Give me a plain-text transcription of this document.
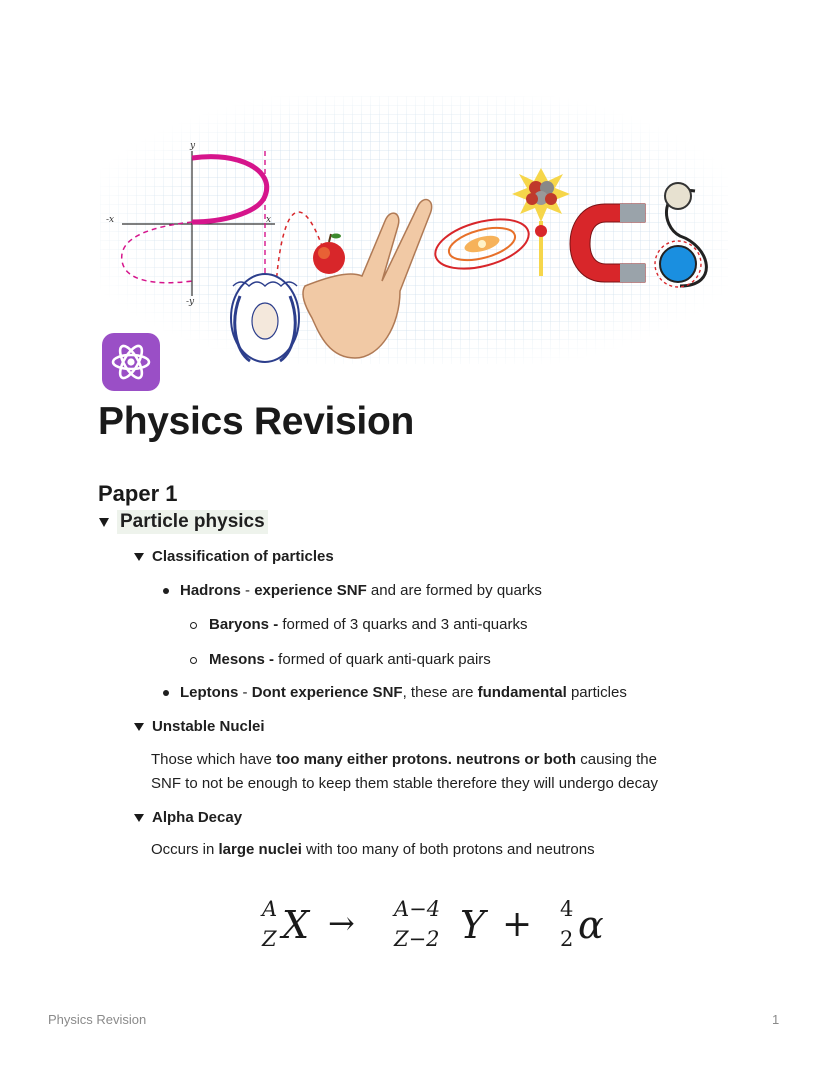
y
-y
-x	x
Physics Revision
Paper 1
Particle physics
Classification of particles
Hadrons - experience SNF and are formed by quarks
Baryons - formed of 3 quarks and 3 anti-quarks
Mesons - formed of quark anti-quark pairs
Leptons - Dont experience SNF, these are fundamental particles
Unstable Nuclei
Those which have too many either protons. neutrons or both causing the
SNF to not be enough to keep them stable therefore they will undergo decay
Alpha Decay
Occurs in large nuclei with too many of both protons and neutrons
A
Z X → A−4
Z−2 Y + 4
2 α
Physics Revision	1
